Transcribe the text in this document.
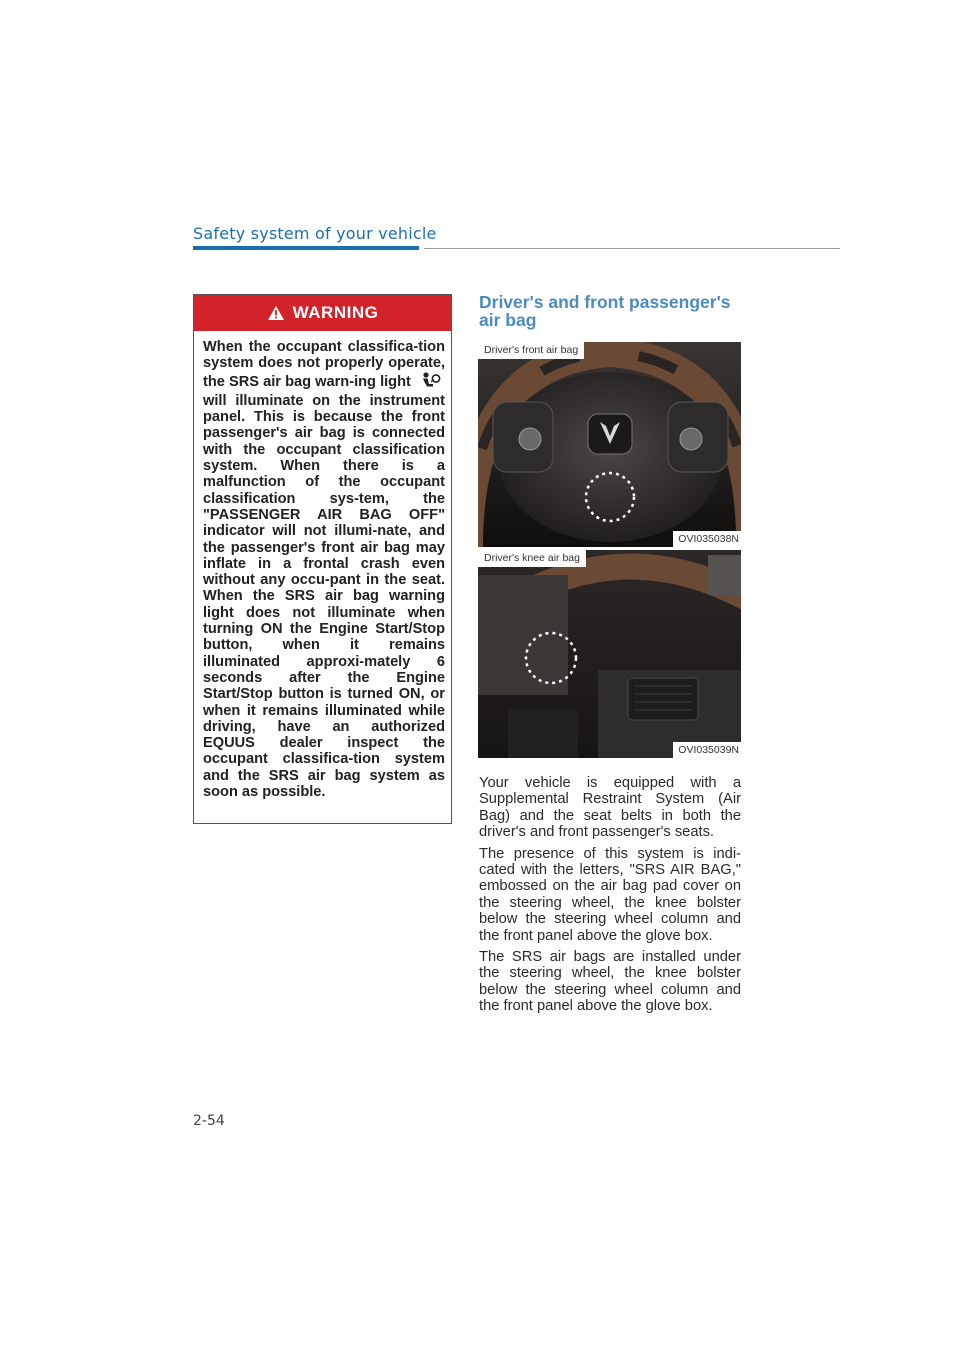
Safety system of your vehicle
WARNING
When the occupant classifica-tion system does not properly operate, the SRS air bag warn-ing light  will illuminate on the instrument panel. This is because the front passenger's air bag is connected with the occupant classification system. When there is a malfunction of the occupant classification sys-tem, the "PASSENGER AIR BAG OFF" indicator will not illumi-nate, and the passenger's front air bag may inflate in a frontal crash even without any occu-pant in the seat. When the SRS air bag warning light does not illuminate when turning ON the Engine Start/Stop button, when it remains illuminated approxi-mately 6 seconds after the Engine Start/Stop button is turned ON, or when it remains illuminated while driving, have an authorized EQUUS dealer inspect the occupant classifica-tion system and the SRS air bag system as soon as possible.
Driver's and front passenger's air bag
Driver's front air bag
OVI035038N
Driver's knee air bag
OVI035039N

Your vehicle is equipped with a Supplemental Restraint System (Air Bag) and the seat belts in both the driver's and front passenger's seats.

The presence of this system is indi-cated with the letters, "SRS AIR BAG," embossed on the air bag pad cover on the steering wheel, the knee bolster below the steering wheel column and the front panel above the glove box.

The SRS air bags are installed under the steering wheel, the knee bolster below the steering wheel column and the front panel above the glove box.

2-54
